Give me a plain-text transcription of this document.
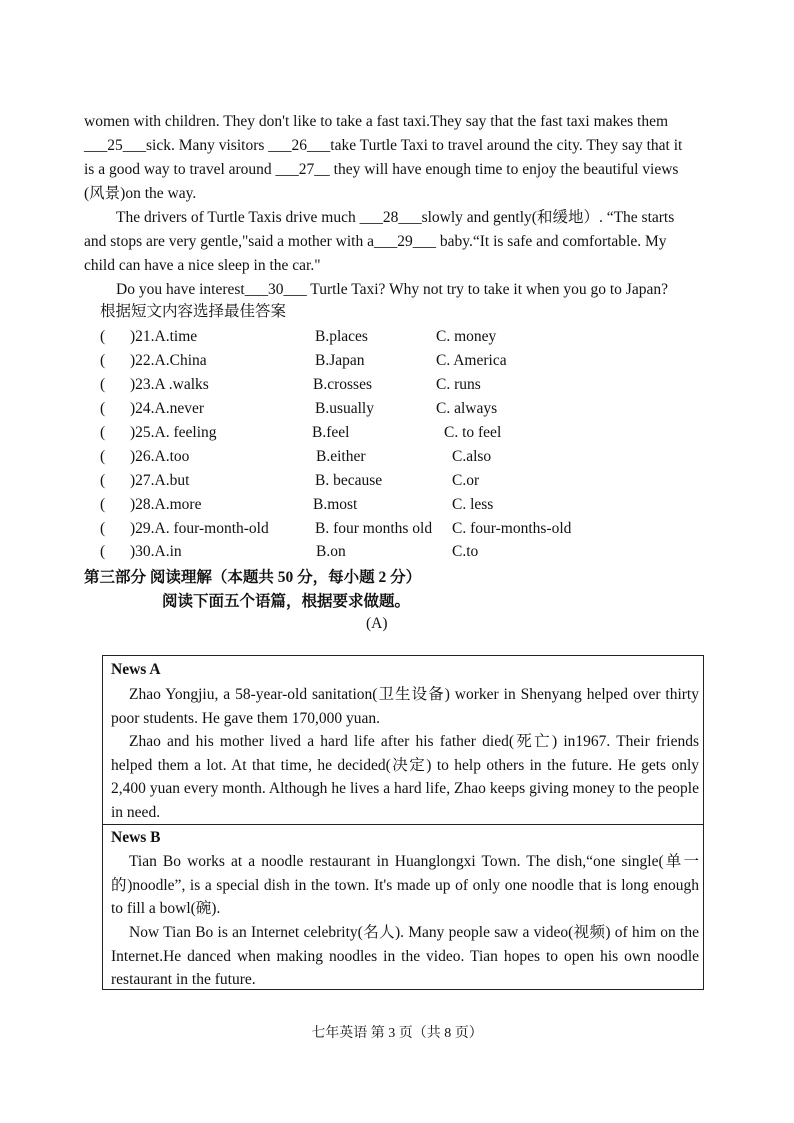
women with children. They don't like to take a fast taxi.They say that the fast taxi makes them
___25___sick. Many visitors ___26___take Turtle Taxi to travel around the city. They say that it
is a good way to travel around ___27__ they will have enough time to enjoy the beautiful views
(风景)on the way.
The drivers of Turtle Taxis drive much ___28___slowly and gently(和缓地）. “The starts
and stops are very gentle,"said a mother with a___29___ baby.“It is safe and comfortable. My
child can have a nice sleep in the car."
Do you have interest___30___ Turtle Taxi? Why not try to take it when you go to Japan?
根据短文内容选择最佳答案
( )21.A.time	B.places	C. money
( )22.A.China	B.Japan	C. America
( )23.A .walks	B.crosses	C. runs
( )24.A.never	B.usually	C. always
( )25.A. feeling	B.feel	C. to feel
( )26.A.too	B.either	C.also
( )27.A.but	B. because	C.or
( )28.A.more	B.most	C. less
( )29.A. four-month-old	B. four months old C. four-months-old
( )30.A.in	B.on	C.to
第三部分 阅读理解（本题共 50 分，每小题 2 分）
阅读下面五个语篇，根据要求做题。
(A)
News A

Zhao Yongjiu, a 58-year-old sanitation(卫生设备) worker in Shenyang helped over thirty poor students. He gave them 170,000 yuan.

Zhao and his mother lived a hard life after his father died(死亡) in1967. Their friends helped them a lot. At that time, he decided(决定) to help others in the future. He gets only 2,400 yuan every month. Although he lives a hard life, Zhao keeps giving money to the people in need.

News B

Tian Bo works at a noodle restaurant in Huanglongxi Town. The dish,“one single(单一的)noodle”, is a special dish in the town. It's made up of only one noodle that is long enough to fill a bowl(碗).

Now Tian Bo is an Internet celebrity(名人). Many people saw a video(视频) of him on the Internet.He danced when making noodles in the video. Tian hopes to open his own noodle restaurant in the future.

七年英语 第 3 页（共 8 页）
